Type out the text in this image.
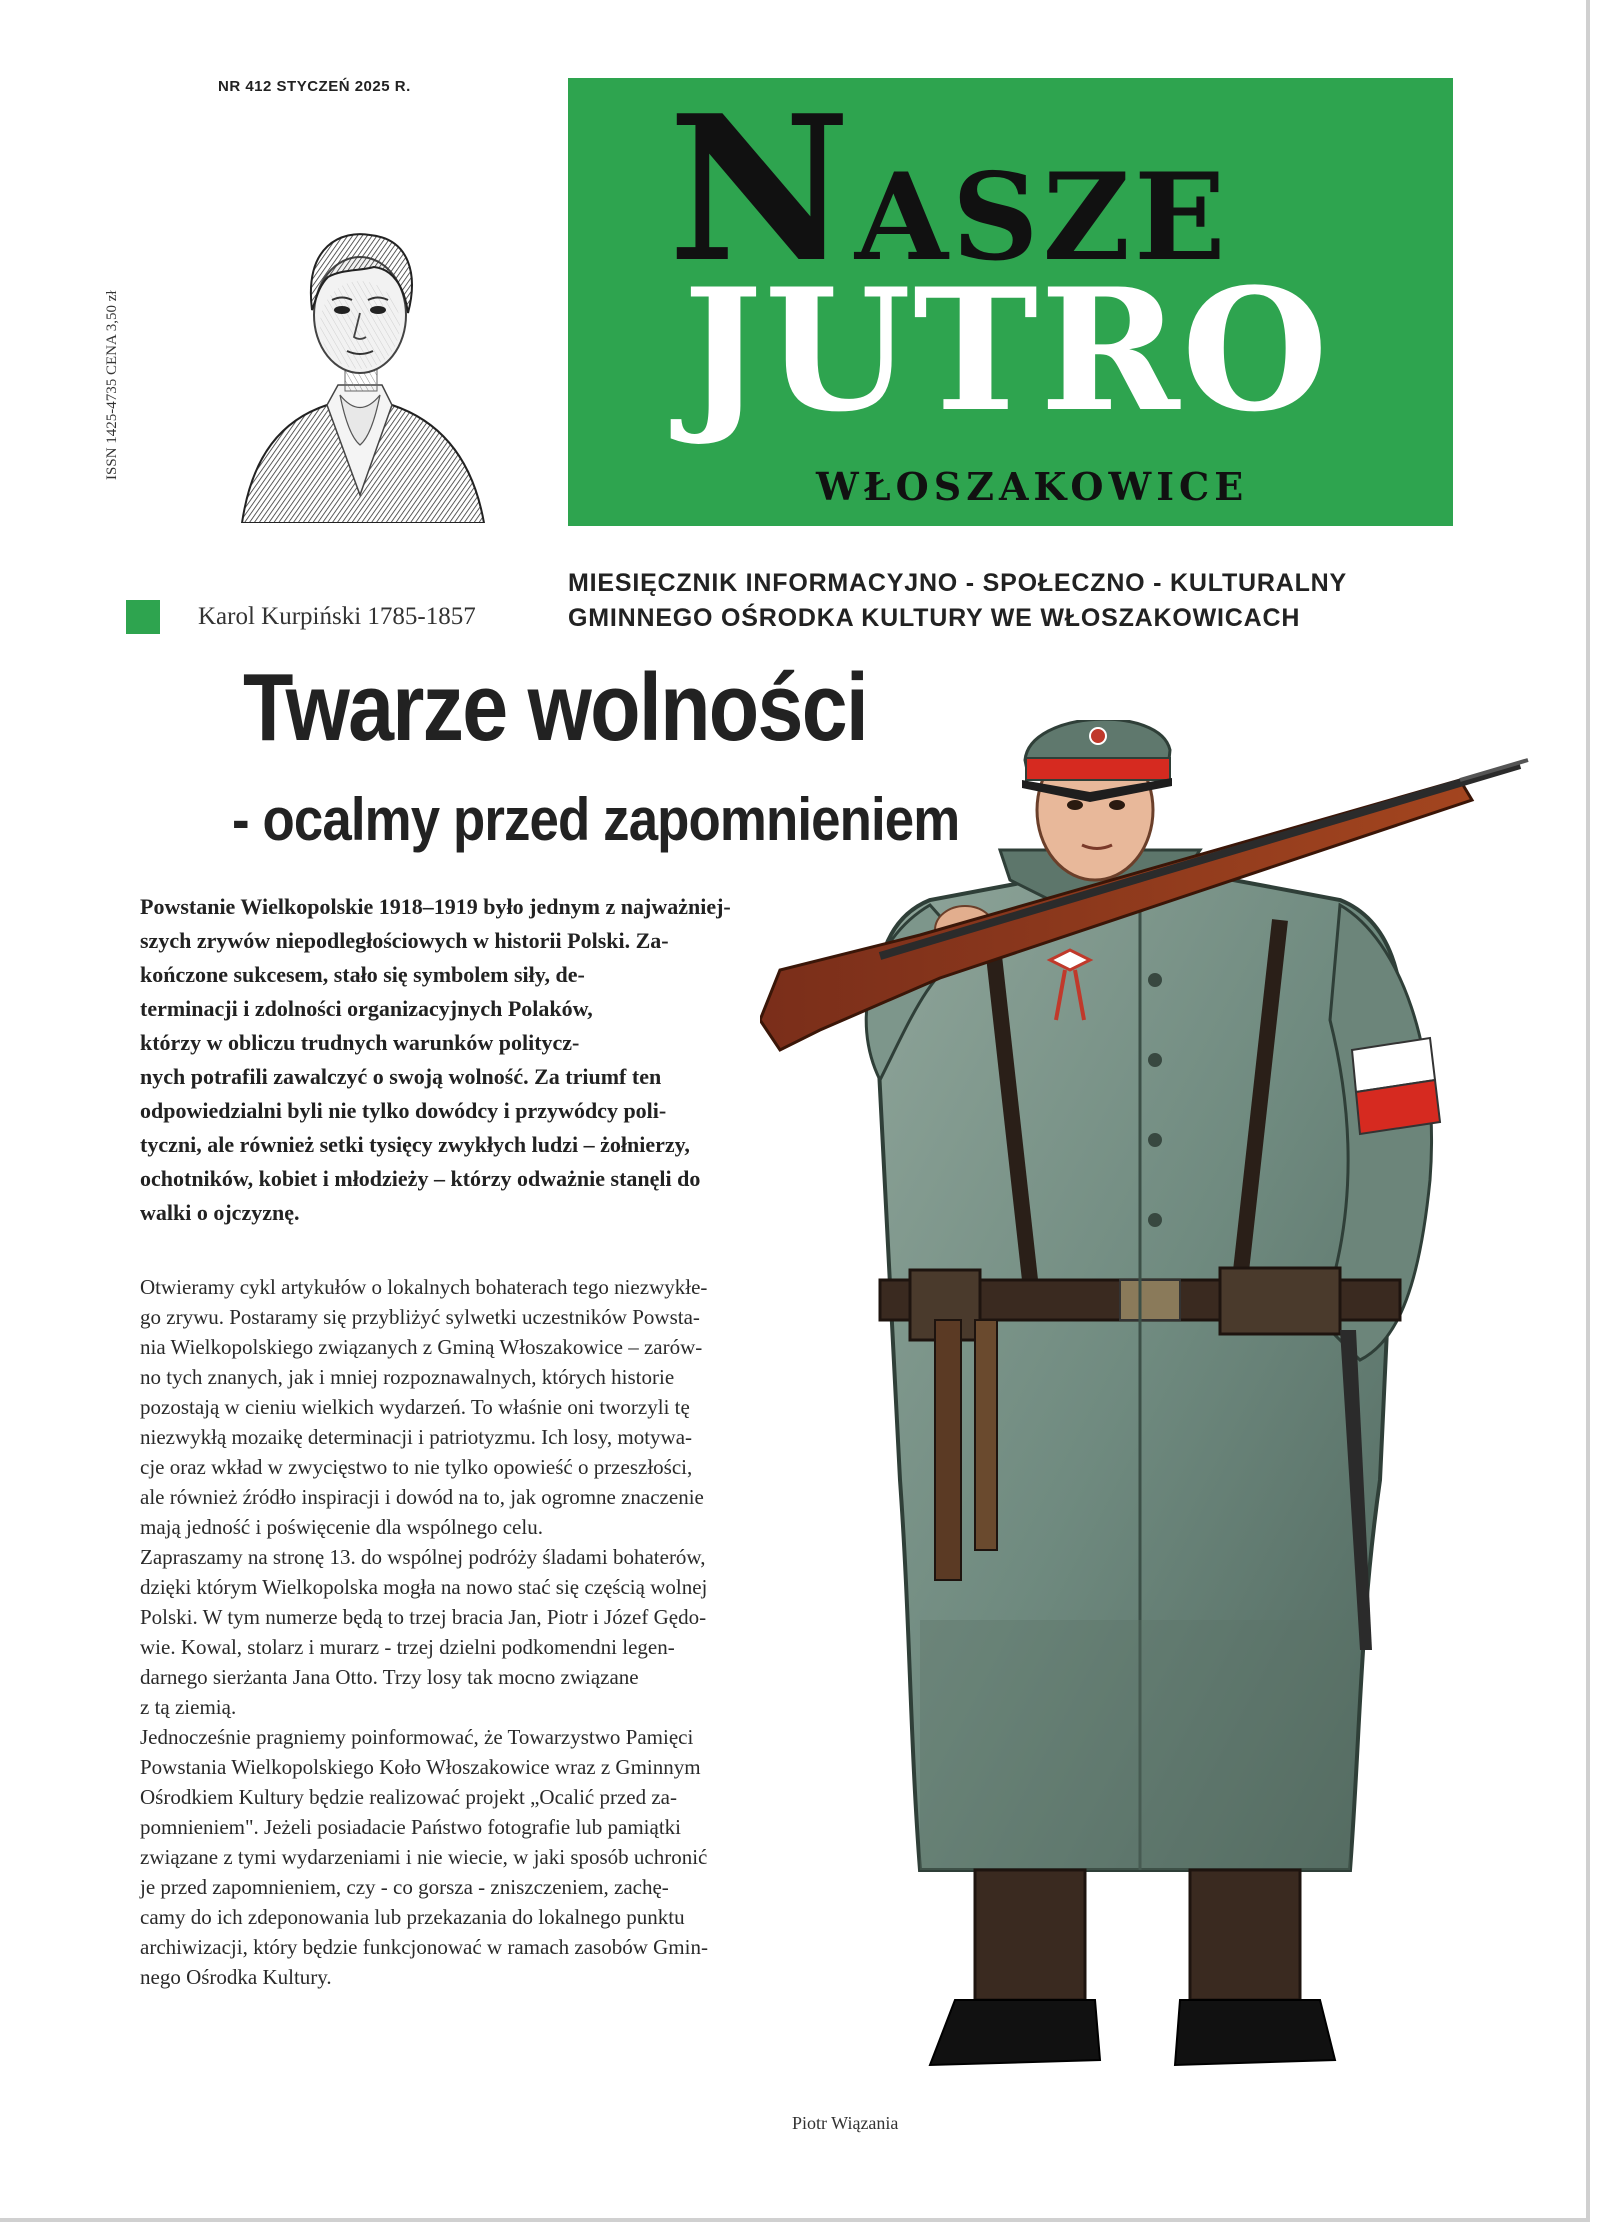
NR 412 STYCZEŃ 2025 R.
ISSN 1425-4735 CENA 3,50 zł
Karol Kurpiński 1785-1857
NASZE
JUTRO
WŁOSZAKOWICE
MIESIĘCZNIK INFORMACYJNO - SPOŁECZNO - KULTURALNY
GMINNEGO OŚRODKA KULTURY WE WŁOSZAKOWICACH
Twarze wolności
- ocalmy przed zapomnieniem
Powstanie Wielkopolskie 1918–1919 było jednym z najważniej-
szych zrywów niepodległościowych w historii Polski. Za-
kończone sukcesem, stało się symbolem siły, de-
terminacji i zdolności organizacyjnych Polaków,
którzy w obliczu trudnych warunków politycz-
nych potrafili zawalczyć o swoją wolność. Za triumf ten
odpowiedzialni byli nie tylko dowódcy i przywódcy poli-
tyczni, ale również setki tysięcy zwykłych ludzi – żołnierzy,
ochotników, kobiet i młodzieży – którzy odważnie stanęli do
walki o ojczyznę.
Otwieramy cykl artykułów o lokalnych bohaterach tego niezwykłe-
go zrywu. Postaramy się przybliżyć sylwetki uczestników Powsta-
nia Wielkopolskiego związanych z Gminą Włoszakowice – zarów-
no tych znanych, jak i mniej rozpoznawalnych, których historie
pozostają w cieniu wielkich wydarzeń. To właśnie oni tworzyli tę
niezwykłą mozaikę determinacji i patriotyzmu. Ich losy, motywa-
cje oraz wkład w zwycięstwo to nie tylko opowieść o przeszłości,
ale również źródło inspiracji i dowód na to, jak ogromne znaczenie
mają jedność i poświęcenie dla wspólnego celu.
Zapraszamy na stronę 13. do wspólnej podróży śladami bohaterów,
dzięki którym Wielkopolska mogła na nowo stać się częścią wolnej
Polski. W tym numerze będą to trzej bracia Jan, Piotr i Józef Gędo-
wie. Kowal, stolarz i murarz - trzej dzielni podkomendni legen-
darnego sierżanta Jana Otto. Trzy losy tak mocno związane
z tą ziemią.
Jednocześnie pragniemy poinformować, że Towarzystwo Pamięci
Powstania Wielkopolskiego Koło Włoszakowice wraz z Gminnym
Ośrodkiem Kultury będzie realizować projekt „Ocalić przed za-
pomnieniem". Jeżeli posiadacie Państwo fotografie lub pamiątki
związane z tymi wydarzeniami i nie wiecie, w jaki sposób uchronić
je przed zapomnieniem, czy - co gorsza - zniszczeniem, zachę-
camy do ich zdeponowania lub przekazania do lokalnego punktu
archiwizacji, który będzie funkcjonować w ramach zasobów Gmin-
nego Ośrodka Kultury.
Piotr Wiązania
